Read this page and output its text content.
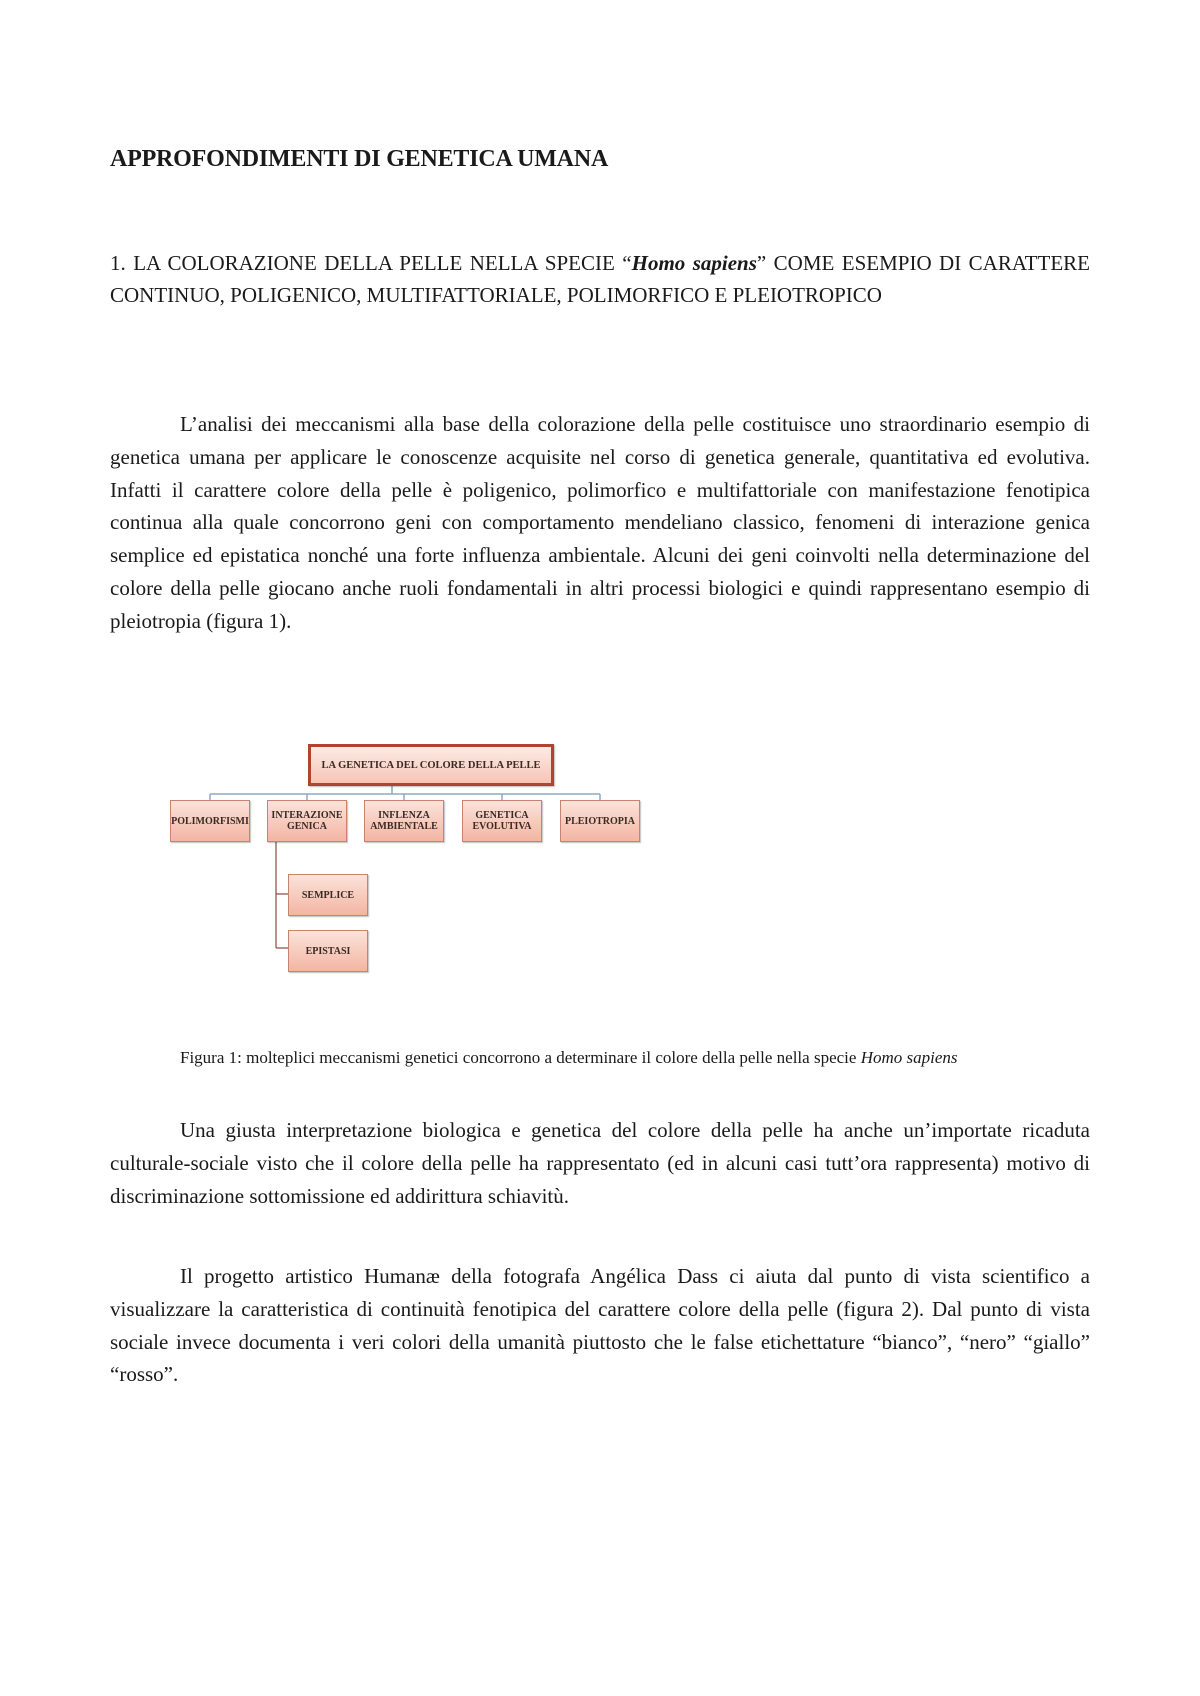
APPROFONDIMENTI DI GENETICA UMANA
1. LA COLORAZIONE DELLA PELLE NELLA SPECIE “Homo sapiens” COME ESEMPIO DI CARATTERE CONTINUO, POLIGENICO, MULTIFATTORIALE, POLIMORFICO E PLEIOTROPICO

L’analisi dei meccanismi alla base della colorazione della pelle costituisce uno straordinario esempio di genetica umana per applicare le conoscenze acquisite nel corso di genetica generale, quantitativa ed evolutiva. Infatti il carattere colore della pelle è poligenico, polimorfico e multifattoriale con manifestazione fenotipica continua alla quale concorrono geni con comportamento mendeliano classico, fenomeni di interazione genica semplice ed epistatica nonché una forte influenza ambientale. Alcuni dei geni coinvolti nella determinazione del colore della pelle giocano anche ruoli fondamentali in altri processi biologici e quindi rappresentano esempio di pleiotropia (figura 1).

LA GENETICA DEL COLORE DELLA PELLE
POLIMORFISMI	INTERAZIONE GENICA
INFLENZA AMBIENTALE
GENETICA EVOLUTIVA	PLEIOTROPIA
SEMPLICE
EPISTASI

Figura 1: molteplici meccanismi genetici concorrono a determinare il colore della pelle nella specie Homo sapiens

Una giusta interpretazione biologica e genetica del colore della pelle ha anche un’importate ricaduta culturale-sociale visto che il colore della pelle ha rappresentato (ed in alcuni casi tutt’ora rappresenta) motivo di discriminazione sottomissione ed addirittura schiavitù.

Il progetto artistico Humanæ della fotografa Angélica Dass ci aiuta dal punto di vista scientifico a visualizzare la caratteristica di continuità fenotipica del carattere colore della pelle (figura 2). Dal punto di vista sociale invece documenta i veri colori della umanità piuttosto che le false etichettature “bianco”, “nero” “giallo” “rosso”.
